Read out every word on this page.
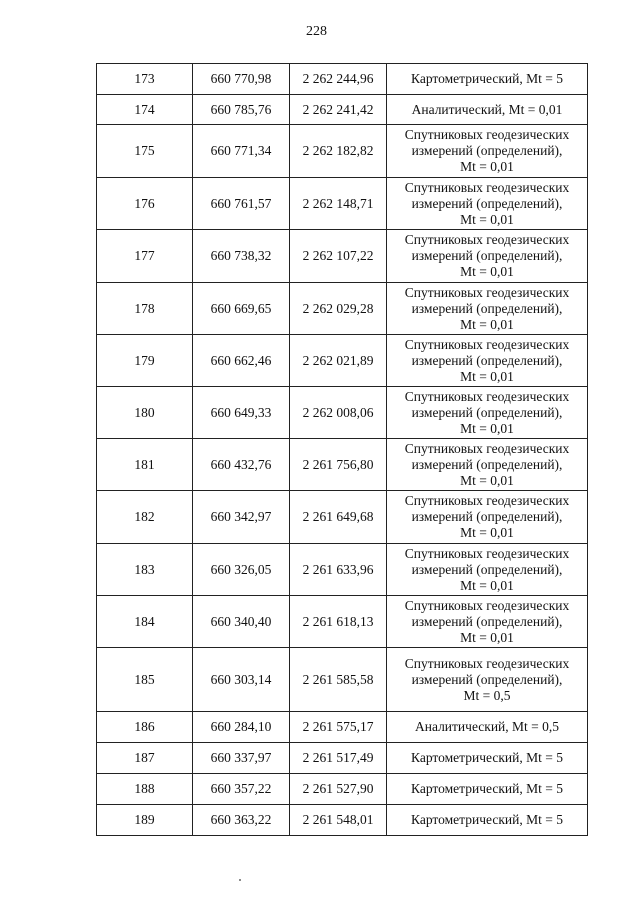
228
173	660 770,98	2 262 244,96	Картометрический, Mt = 5
174	660 785,76	2 262 241,42	Аналитический, Mt = 0,01
175	660 771,34	2 262 182,82	Спутниковых геодезических
измерений (определений),
Mt = 0,01
176	660 761,57	2 262 148,71	Спутниковых геодезических
измерений (определений),
Mt = 0,01
177	660 738,32	2 262 107,22	Спутниковых геодезических
измерений (определений),
Mt = 0,01
178	660 669,65	2 262 029,28	Спутниковых геодезических
измерений (определений),
Mt = 0,01
179	660 662,46	2 262 021,89	Спутниковых геодезических
измерений (определений),
Mt = 0,01
180	660 649,33	2 262 008,06	Спутниковых геодезических
измерений (определений),
Mt = 0,01
181	660 432,76	2 261 756,80	Спутниковых геодезических
измерений (определений),
Mt = 0,01
182	660 342,97	2 261 649,68	Спутниковых геодезических
измерений (определений),
Mt = 0,01
183	660 326,05	2 261 633,96	Спутниковых геодезических
измерений (определений),
Mt = 0,01
184	660 340,40	2 261 618,13	Спутниковых геодезических
измерений (определений),
Mt = 0,01
185	660 303,14	2 261 585,58	Спутниковых геодезических
измерений (определений),
Mt = 0,5
186	660 284,10	2 261 575,17	Аналитический, Mt = 0,5
187	660 337,97	2 261 517,49	Картометрический, Mt = 5
188	660 357,22	2 261 527,90	Картометрический, Mt = 5
189	660 363,22	2 261 548,01	Картометрический, Mt = 5
